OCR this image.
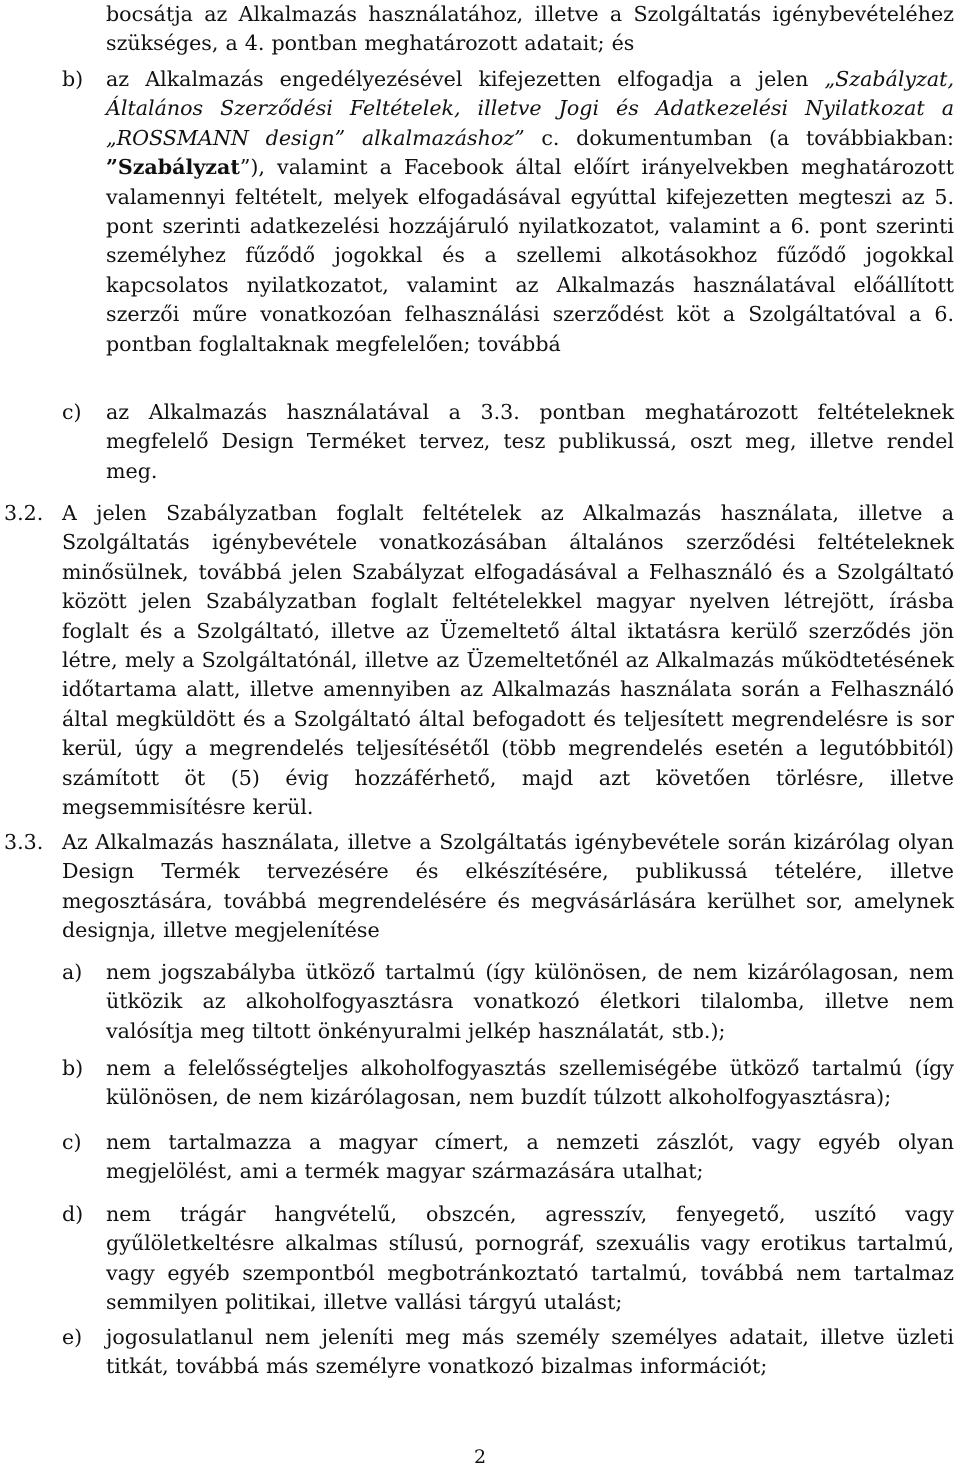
bocsátja az Alkalmazás használatához, illetve a Szolgáltatás igénybevételéhez szükséges, a 4. pontban meghatározott adatait; és
b) az Alkalmazás engedélyezésével kifejezetten elfogadja a jelen „Szabályzat, Általános Szerződési Feltételek, illetve Jogi és Adatkezelési Nyilatkozat a „ROSSMANN design” alkalmazáshoz” c. dokumentumban (a továbbiakban: ”Szabályzat”), valamint a Facebook által előírt irányelvekben meghatározott valamennyi feltételt, melyek elfogadásával egyúttal kifejezetten megteszi az 5. pont szerinti adatkezelési hozzájáruló nyilatkozatot, valamint a 6. pont szerinti személyhez fűződő jogokkal és a szellemi alkotásokhoz fűződő jogokkal kapcsolatos nyilatkozatot, valamint az Alkalmazás használatával előállított szerzői műre vonatkozóan felhasználási szerződést köt a Szolgáltatóval a 6. pontban foglaltaknak megfelelően; továbbá
c) az Alkalmazás használatával a 3.3. pontban meghatározott feltételeknek megfelelő Design Terméket tervez, tesz publikussá, oszt meg, illetve rendel meg.
3.2. A jelen Szabályzatban foglalt feltételek az Alkalmazás használata, illetve a Szolgáltatás igénybevétele vonatkozásában általános szerződési feltételeknek minősülnek, továbbá jelen Szabályzat elfogadásával a Felhasználó és a Szolgáltató között jelen Szabályzatban foglalt feltételekkel magyar nyelven létrejött, írásba foglalt és a Szolgáltató, illetve az Üzemeltető által iktatásra kerülő szerződés jön létre, mely a Szolgáltatónál, illetve az Üzemeltetőnél az Alkalmazás működtetésének időtartama alatt, illetve amennyiben az Alkalmazás használata során a Felhasználó által megküldött és a Szolgáltató által befogadott és teljesített megrendelésre is sor kerül, úgy a megrendelés teljesítésétől (több megrendelés esetén a legutóbbitól) számított öt (5) évig hozzáférhető, majd azt követően törlésre, illetve megsemmisítésre kerül.
3.3. Az Alkalmazás használata, illetve a Szolgáltatás igénybevétele során kizárólag olyan Design Termék tervezésére és elkészítésére, publikussá tételére, illetve megosztására, továbbá megrendelésére és megvásárlására kerülhet sor, amelynek designja, illetve megjelenítése
a) nem jogszabályba ütköző tartalmú (így különösen, de nem kizárólagosan, nem ütközik az alkoholfogyasztásra vonatkozó életkori tilalomba, illetve nem valósítja meg tiltott önkényuralmi jelkép használatát, stb.);
b) nem a felelősségteljes alkoholfogyasztás szellemiségébe ütköző tartalmú (így különösen, de nem kizárólagosan, nem buzdít túlzott alkoholfogyasztásra);
c) nem tartalmazza a magyar címert, a nemzeti zászlót, vagy egyéb olyan megjelölést, ami a termék magyar származására utalhat;
d) nem trágár hangvételű, obszcén, agresszív, fenyegető, uszító vagy gyűlöletkeltésre alkalmas stílusú, pornográf, szexuális vagy erotikus tartalmú, vagy egyéb szempontból megbotránkoztató tartalmú, továbbá nem tartalmaz semmilyen politikai, illetve vallási tárgyú utalást;
e) jogosulatlanul nem jeleníti meg más személy személyes adatait, illetve üzleti titkát, továbbá más személyre vonatkozó bizalmas információt;
2
